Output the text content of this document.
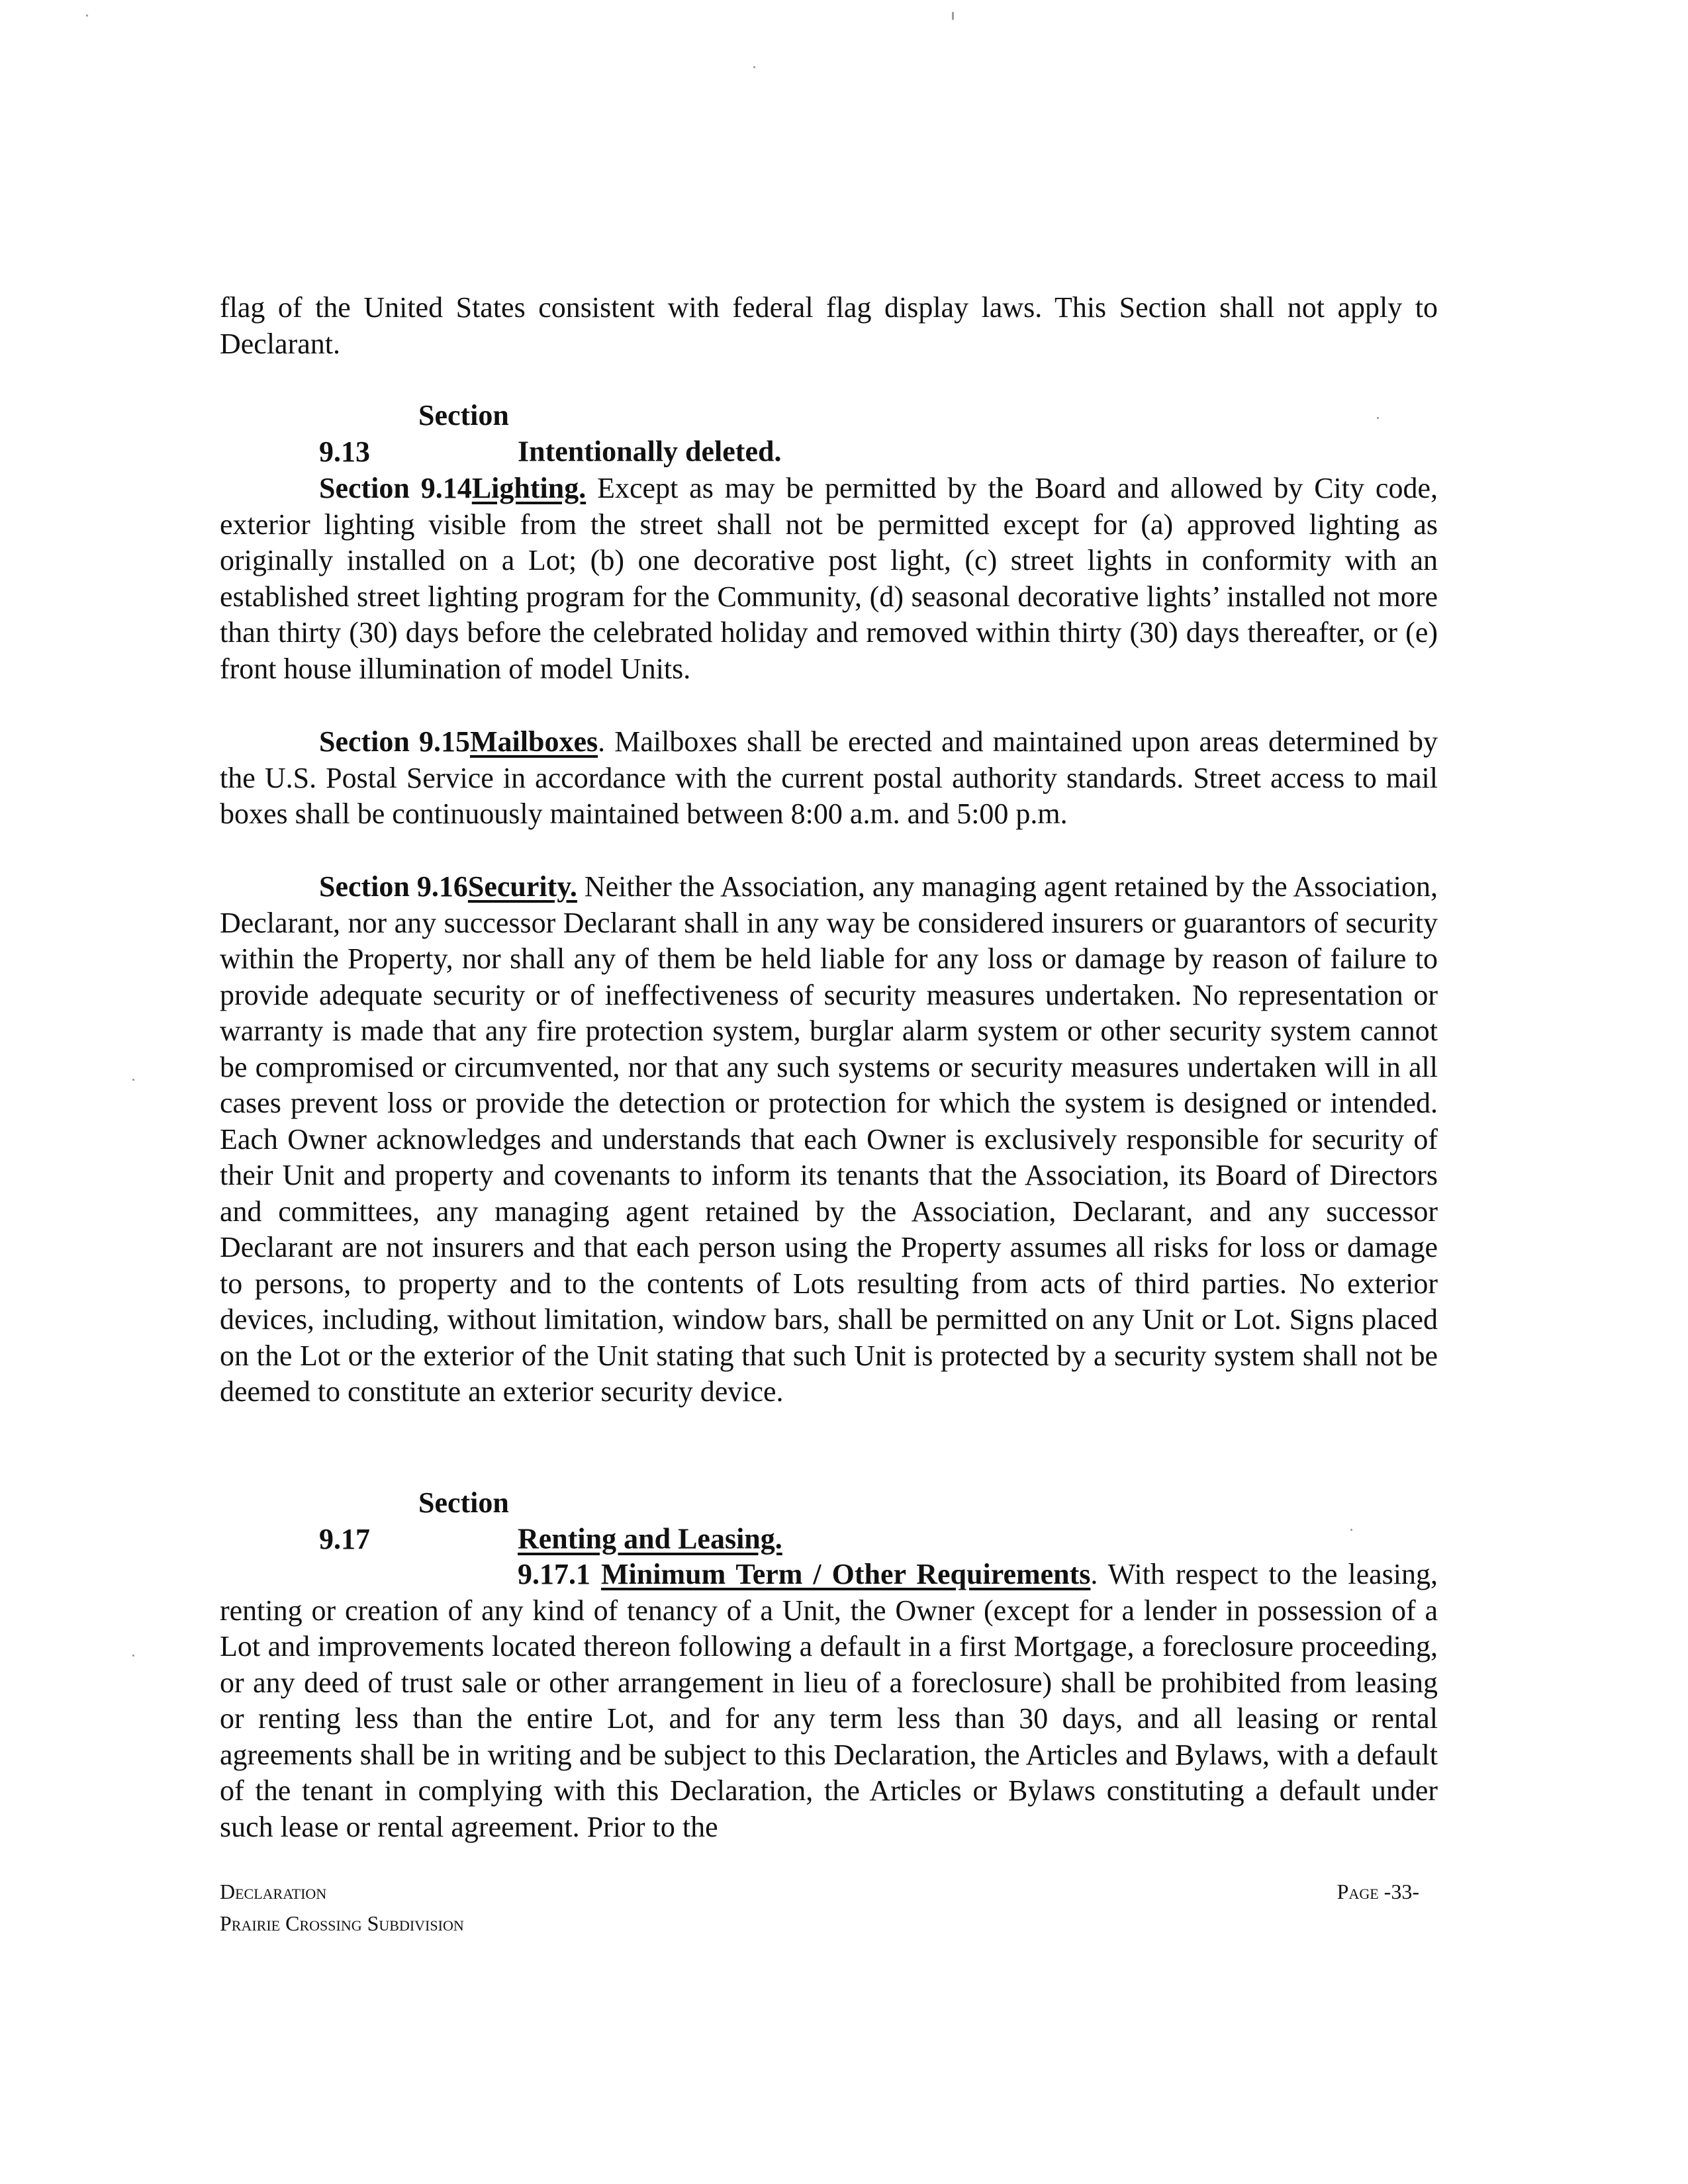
flag of the United States consistent with federal flag display laws. This Section shall not apply to Declarant.

Section 9.13	Intentionally deleted.

Section 9.14Lighting. Except as may be permitted by the Board and allowed by City code, exterior lighting visible from the street shall not be permitted except for (a) approved lighting as originally installed on a Lot; (b) one decorative post light, (c) street lights in conformity with an established street lighting program for the Community, (d) seasonal decorative lights’ installed not more than thirty (30) days before the celebrated holiday and removed within thirty (30) days thereafter, or (e) front house illumination of model Units.

Section 9.15Mailboxes. Mailboxes shall be erected and maintained upon areas determined by the U.S. Postal Service in accordance with the current postal authority standards. Street access to mail boxes shall be continuously maintained between 8:00 a.m. and 5:00 p.m.

Section 9.16Security. Neither the Association, any managing agent retained by the Association, Declarant, nor any successor Declarant shall in any way be considered insurers or guarantors of security within the Property, nor shall any of them be held liable for any loss or damage by reason of failure to provide adequate security or of ineffectiveness of security measures undertaken. No representation or warranty is made that any fire protection system, burglar alarm system or other security system cannot be compromised or circumvented, nor that any such systems or security measures undertaken will in all cases prevent loss or provide the detection or protection for which the system is designed or intended. Each Owner acknowledges and understands that each Owner is exclusively responsible for security of their Unit and property and covenants to inform its tenants that the Association, its Board of Directors and committees, any managing agent retained by the Association, Declarant, and any successor Declarant are not insurers and that each person using the Property assumes all risks for loss or damage to persons, to property and to the contents of Lots resulting from acts of third parties. No exterior devices, including, without limitation, window bars, shall be permitted on any Unit or Lot. Signs placed on the Lot or the exterior of the Unit stating that such Unit is protected by a security system shall not be deemed to constitute an exterior security device.

Section 9.17	Renting and Leasing.

9.17.1 Minimum Term / Other Requirements. With respect to the leasing, renting or creation of any kind of tenancy of a Unit, the Owner (except for a lender in possession of a Lot and improvements located thereon following a default in a first Mortgage, a foreclosure proceeding, or any deed of trust sale or other arrangement in lieu of a foreclosure) shall be prohibited from leasing or renting less than the entire Lot, and for any term less than 30 days, and all leasing or rental agreements shall be in writing and be subject to this Declaration, the Articles and Bylaws, with a default of the tenant in complying with this Declaration, the Articles or Bylaws constituting a default under such lease or rental agreement. Prior to the

Declaration
Prairie Crossing Subdivision
Page -33-
